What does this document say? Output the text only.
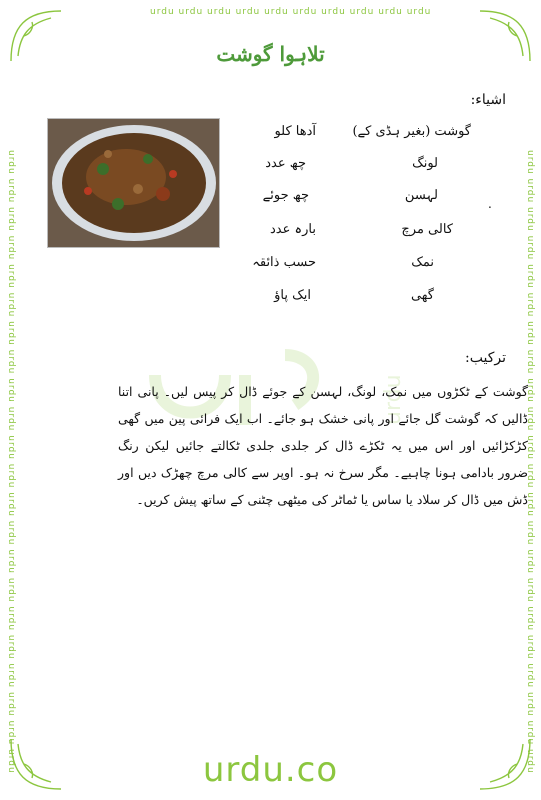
urdu urdu urdu urdu urdu urdu urdu urdu urdu urdu
urdu urdu urdu urdu urdu urdu urdu urdu urdu urdu urdu urdu urdu urdu urdu urdu urdu urdu urdu urdu urdu urdu	urdu urdu urdu urdu urdu urdu urdu urdu urdu urdu urdu urdu urdu urdu urdu urdu urdu urdu urdu urdu urdu urdu
تلاہوا گوشت
اشیاء:
گوشت (بغیر ہڈی کے)
آدھا کلو
لونگ
چھ عدد
لہسن
چھ جوئے
کالی مرچ
بارہ عدد
نمک
حسب ذائقہ
گھی
ایک پاؤ
.
urdu
ترکیب:
گوشت کے ٹکڑوں میں نمک، لونگ، لہسن کے جوئے ڈال کر پیس لیں۔ پانی اتنا ڈالیں کہ گوشت گل جائے اور پانی خشک ہو جائے۔ اب ایک فرائی پین میں گھی کڑکڑائیں اور اس میں یہ ٹکڑے ڈال کر جلدی جلدی ٹکالتے جائیں لیکن رنگ ضرور بادامی ہونا چاہیے۔ مگر سرخ نہ ہو۔ اوپر سے کالی مرچ چھڑک دیں اور ڈش میں ڈال کر سلاد یا ساس یا ٹماٹر کی میٹھی چٹنی کے ساتھ پیش کریں۔
urdu.co
